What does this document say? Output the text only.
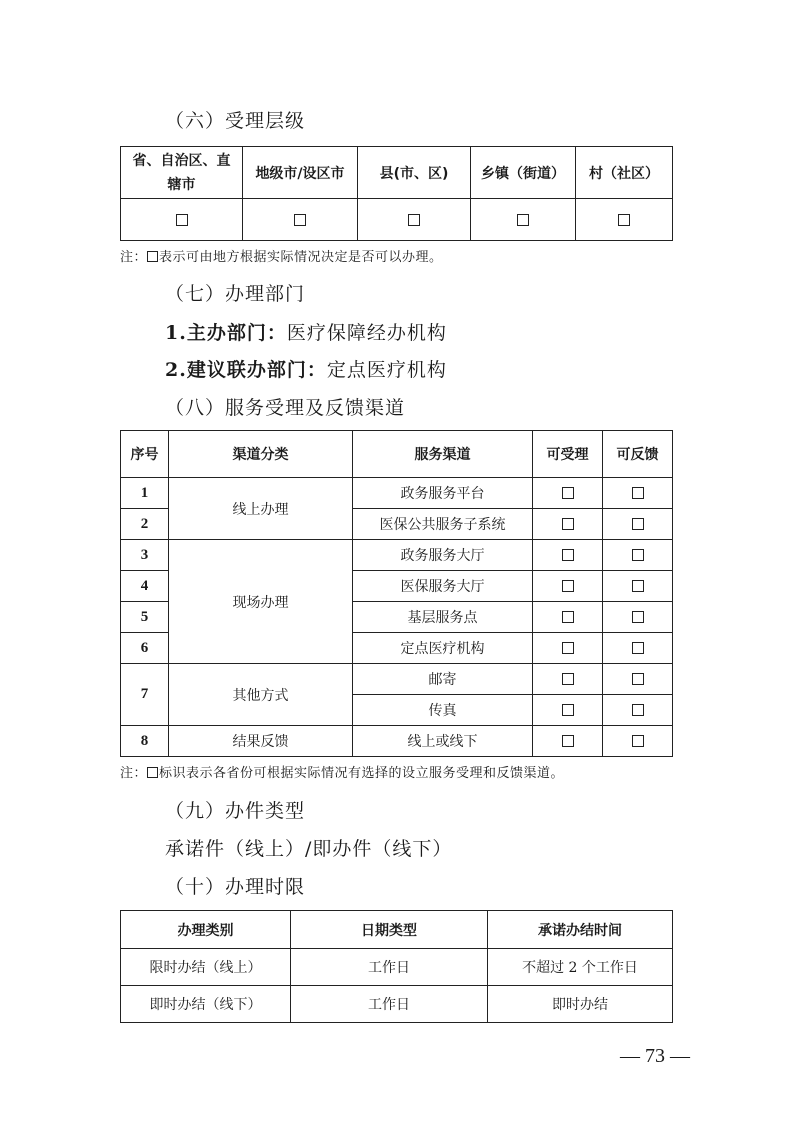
（六）受理层级
省、自治区、直辖市	地级市/设区市	县(市、区)	乡镇（街道）	村（社区）

注： 表示可由地方根据实际情况决定是否可以办理。
（七）办理部门
1.主办部门：医疗保障经办机构
2.建议联办部门：定点医疗机构
（八）服务受理及反馈渠道
序号	渠道分类	服务渠道	可受理	可反馈
1	线上办理	政务服务平台		
2		医保公共服务子系统		
3	现场办理	政务服务大厅		
4		医保服务大厅		
5		基层服务点		
6		定点医疗机构		
7	其他方式	邮寄		
		传真		
8	结果反馈	线上或线下		
注： 标识表示各省份可根据实际情况有选择的设立服务受理和反馈渠道。
（九）办件类型
承诺件（线上）/即办件（线下）
（十）办理时限
办理类别	日期类型	承诺办结时间
限时办结（线上）	工作日	不超过 2 个工作日
即时办结（线下）	工作日	即时办结
— 73 —
